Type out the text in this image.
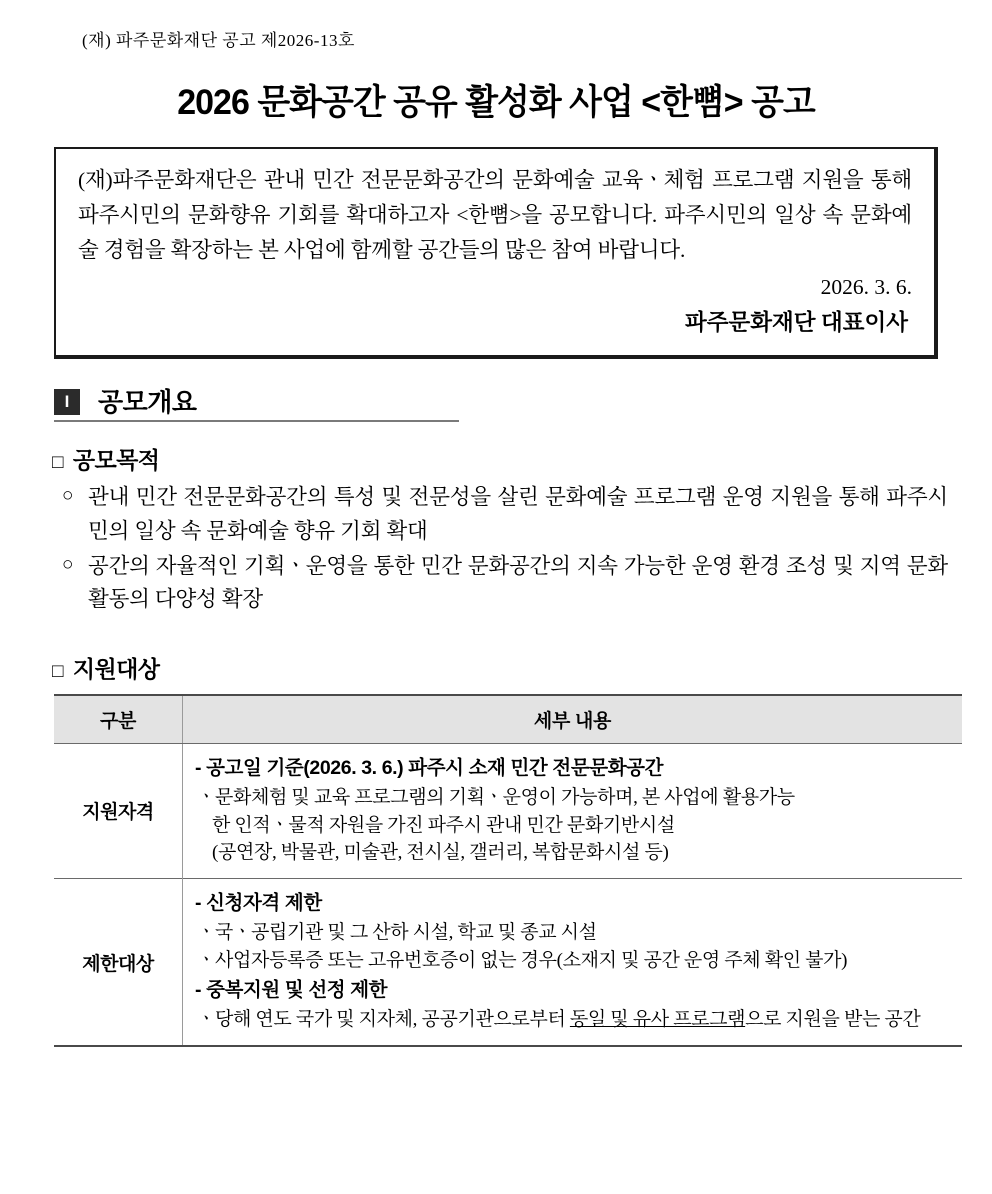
(재) 파주문화재단 공고 제2026-13호
2026 문화공간 공유 활성화 사업 <한뼘> 공고

(재)파주문화재단은 관내 민간 전문문화공간의 문화예술 교육ㆍ체험 프로그램 지원을 통해 파주시민의 문화향유 기회를 확대하고자 <한뼘>을 공모합니다. 파주시민의 일상 속 문화예술 경험을 확장하는 본 사업에 함께할 공간들의 많은 참여 바랍니다.

2026. 3. 6.

파주문화재단 대표이사

I	공모개요
□ 공모목적
○ 관내 민간 전문문화공간의 특성 및 전문성을 살린 문화예술 프로그램 운영 지원을 통해 파주시민의 일상 속 문화예술 향유 기회 확대
○ 공간의 자율적인 기획ㆍ운영을 통한 민간 문화공간의 지속 가능한 운영 환경 조성 및 지역 문화 활동의 다양성 확장
□ 지원대상
구분	세부 내용
지원자격	- 공고일 기준(2026. 3. 6.) 파주시 소재 민간 전문문화공간
ㆍ문화체험 및 교육 프로그램의 기획ㆍ운영이 가능하며, 본 사업에 활용가능
한 인적ㆍ물적 자원을 가진 파주시 관내 민간 문화기반시설
(공연장, 박물관, 미술관, 전시실, 갤러리, 복합문화시설 등)

제한대상	- 신청자격 제한
ㆍ국ㆍ공립기관 및 그 산하 시설, 학교 및 종교 시설
ㆍ사업자등록증 또는 고유번호증이 없는 경우(소재지 및 공간 운영 주체 확인 불가)
- 중복지원 및 선정 제한
ㆍ당해 연도 국가 및 지자체, 공공기관으로부터 동일 및 유사 프로그램으로 지원을 받는 공간
